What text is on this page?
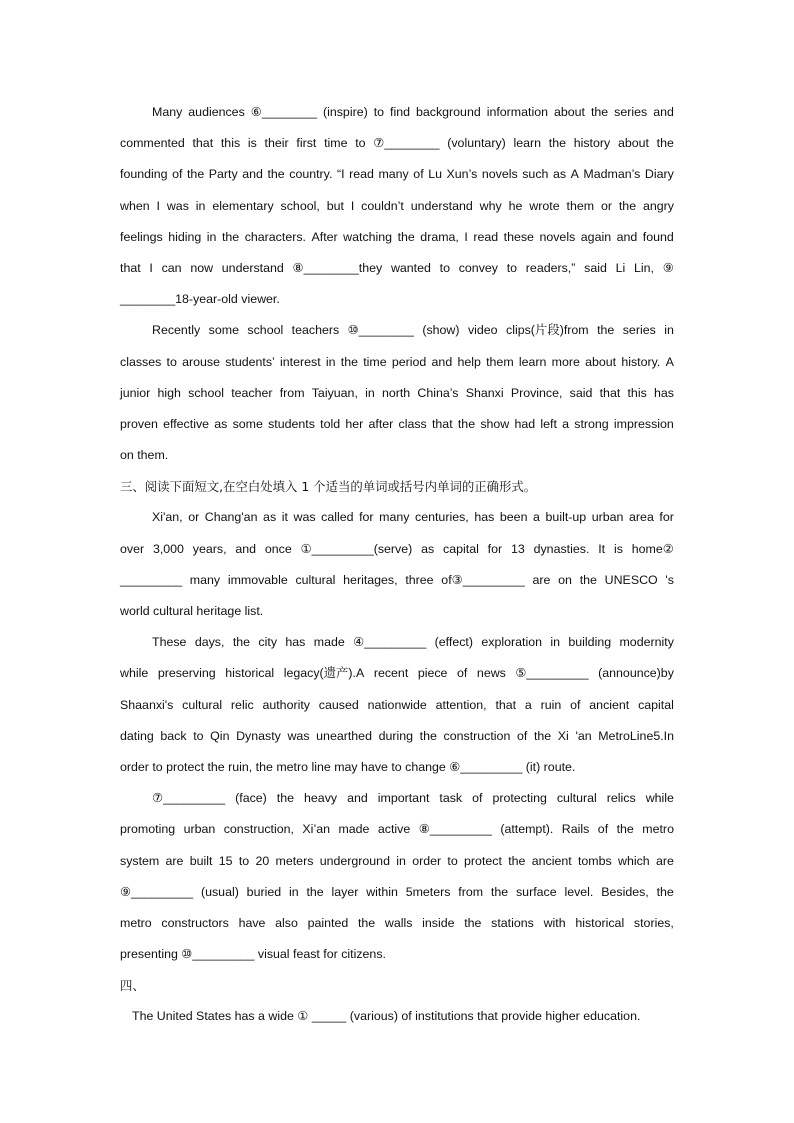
Many audiences ⑥________ (inspire) to find background information about the series and
commented that this is their first time to ⑦________ (voluntary) learn the history about the
founding of the Party and the country. “I read many of Lu Xun’s novels such as A Madman’s Diary
when I was in elementary school, but I couldn’t understand why he wrote them or the angry
feelings hiding in the characters. After watching the drama, I read these novels again and found
that I can now understand ⑧________they wanted to convey to readers,” said Li Lin, ⑨
________18-year-old viewer.
Recently some school teachers ⑩________ (show) video clips(片段)from the series in
classes to arouse students’ interest in the time period and help them learn more about history. A
junior high school teacher from Taiyuan, in north China’s Shanxi Province, said that this has
proven effective as some students told her after class that the show had left a strong impression
on them.
三、阅读下面短文,在空白处填入 1 个适当的单词或括号内单词的正确形式。
Xi'an, or Chang'an as it was called for many centuries, has been a built-up urban area for
over 3,000 years, and once ①_________(serve) as capital for 13 dynasties. It is home②
_________ many immovable cultural heritages, three of③_________ are on the UNESCO 's
world cultural heritage list.
These days, the city has made ④_________ (effect) exploration in building modernity
while preserving historical legacy(遗产).A recent piece of news ⑤_________ (announce)by
Shaanxi's cultural relic authority caused nationwide attention, that a ruin of ancient capital
dating back to Qin Dynasty was unearthed during the construction of the Xi 'an MetroLine5.In
order to protect the ruin, the metro line may have to change ⑥_________ (it) route.
⑦_________ (face) the heavy and important task of protecting cultural relics while
promoting urban construction, Xi’an made active ⑧_________ (attempt). Rails of the metro
system are built 15 to 20 meters underground in order to protect the ancient tombs which are
⑨_________ (usual) buried in the layer within 5meters from the surface level. Besides, the
metro constructors have also painted the walls inside the stations with historical stories,
presenting ⑩_________ visual feast for citizens.
四、
The United States has a wide ① _____ (various) of institutions that provide higher education.
